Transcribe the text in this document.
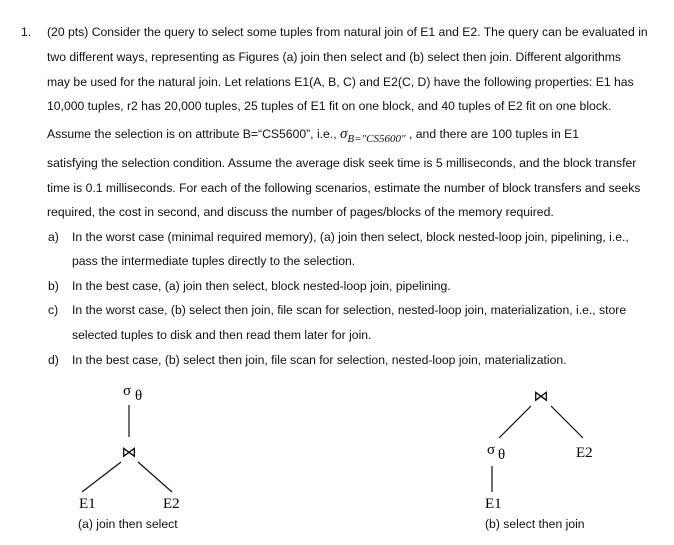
1. (20 pts) Consider the query to select some tuples from natural join of E1 and E2. The query can be evaluated in
two different ways, representing as Figures (a) join then select and (b) select then join. Different algorithms
may be used for the natural join. Let relations E1(A, B, C) and E2(C, D) have the following properties: E1 has
10,000 tuples, r2 has 20,000 tuples, 25 tuples of E1 fit on one block, and 40 tuples of E2 fit on one block.
Assume the selection is on attribute B=“CS5600”, i.e., $\sigma_{B="CS5600"}$ , and there are 100 tuples in E1
satisfying the selection condition. Assume the average disk seek time is 5 milliseconds, and the block transfer
time is 0.1 milliseconds. For each of the following scenarios, estimate the number of block transfers and seeks
required, the cost in second, and discuss the number of pages/blocks of the memory required.
a) In the worst case (minimal required memory), (a) join then select, block nested-loop join, pipelining, i.e.,
pass the intermediate tuples directly to the selection.
b) In the best case, (a) join then select, block nested-loop join, pipelining.
c) In the worst case, (b) select then join, file scan for selection, nested-loop join, materialization, i.e., store
selected tuples to disk and then read them later for join.
d) In the best case, (b) select then join, file scan for selection, nested-loop join, materialization.
σ θ
⋈
E1	E2
⋈
σ θ	E2
E1
(a) join then select	(b) select then join
